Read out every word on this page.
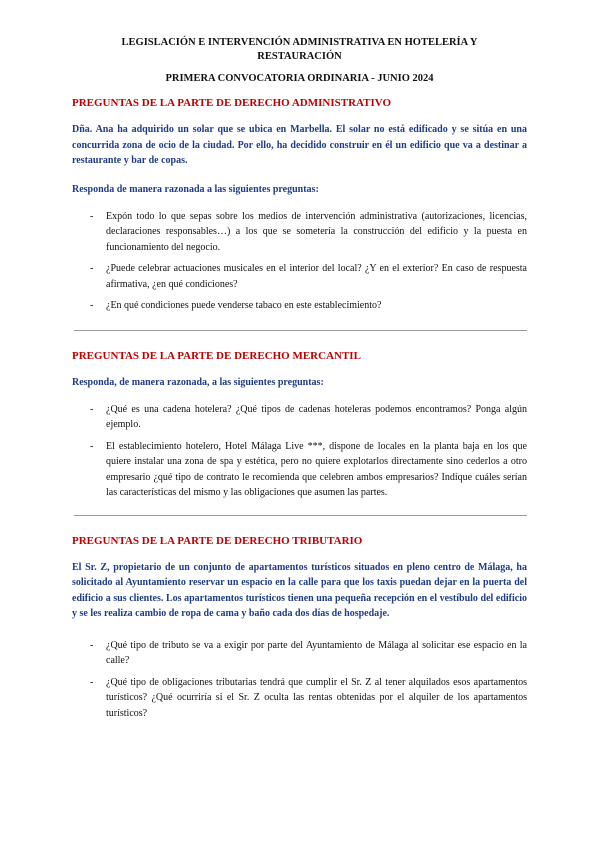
LEGISLACIÓN E INTERVENCIÓN ADMINISTRATIVA EN HOTELERÍA Y RESTAURACIÓN
PRIMERA CONVOCATORIA ORDINARIA - JUNIO 2024
PREGUNTAS DE LA PARTE DE DERECHO ADMINISTRATIVO
Dña. Ana ha adquirido un solar que se ubica en Marbella. El solar no está edificado y se sitúa en una concurrida zona de ocio de la ciudad. Por ello, ha decidido construir en él un edificio que va a destinar a restaurante y bar de copas.
Responda de manera razonada a las siguientes preguntas:
- Expón todo lo que sepas sobre los medios de intervención administrativa (autorizaciones, licencias, declaraciones responsables…) a los que se sometería la construcción del edificio y la puesta en funcionamiento del negocio.
- ¿Puede celebrar actuaciones musicales en el interior del local? ¿Y en el exterior? En caso de respuesta afirmativa, ¿en qué condiciones?
- ¿En qué condiciones puede venderse tabaco en este establecimiento?
PREGUNTAS DE LA PARTE DE DERECHO MERCANTIL
Responda, de manera razonada, a las siguientes preguntas:
- ¿Qué es una cadena hotelera? ¿Qué tipos de cadenas hoteleras podemos encontramos? Ponga algún ejemplo.
- El establecimiento hotelero, Hotel Málaga Live ***, dispone de locales en la planta baja en los que quiere instalar una zona de spa y estética, pero no quiere explotarlos directamente sino cederlos a otro empresario ¿qué tipo de contrato le recomienda que celebren ambos empresarios? Indique cuáles serían las características del mismo y las obligaciones que asumen las partes.
PREGUNTAS DE LA PARTE DE DERECHO TRIBUTARIO
El Sr. Z, propietario de un conjunto de apartamentos turísticos situados en pleno centro de Málaga, ha solicitado al Ayuntamiento reservar un espacio en la calle para que los taxis puedan dejar en la puerta del edificio a sus clientes. Los apartamentos turísticos tienen una pequeña recepción en el vestíbulo del edificio y se les realiza cambio de ropa de cama y baño cada dos días de hospedaje.
- ¿Qué tipo de tributo se va a exigir por parte del Ayuntamiento de Málaga al solicitar ese espacio en la calle?
- ¿Qué tipo de obligaciones tributarias tendrá que cumplir el Sr. Z al tener alquilados esos apartamentos turísticos? ¿Qué ocurriría si el Sr. Z oculta las rentas obtenidas por el alquiler de los apartamentos turísticos?
